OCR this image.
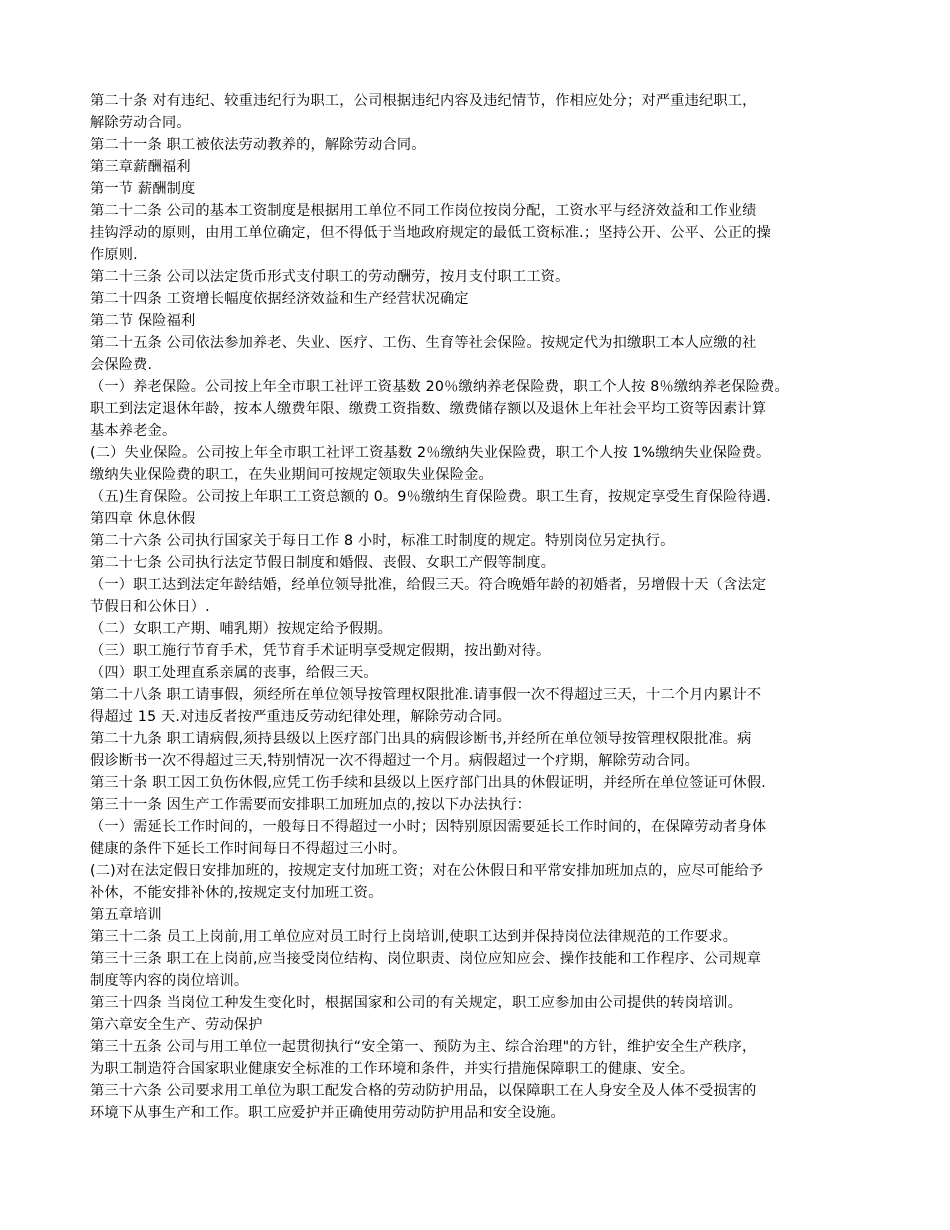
第二十条 对有违纪、较重违纪行为职工，公司根据违纪内容及违纪情节，作相应处分；对严重违纪职工，
解除劳动合同。
第二十一条 职工被依法劳动教养的，解除劳动合同。
第三章薪酬福利
第一节 薪酬制度
第二十二条 公司的基本工资制度是根据用工单位不同工作岗位按岗分配，工资水平与经济效益和工作业绩
挂钩浮动的原则，由用工单位确定，但不得低于当地政府规定的最低工资标准.；坚持公开、公平、公正的操
作原则.
第二十三条 公司以法定货币形式支付职工的劳动酬劳，按月支付职工工资。
第二十四条 工资增长幅度依据经济效益和生产经营状况确定
第二节 保险福利
第二十五条 公司依法参加养老、失业、医疗、工伤、生育等社会保险。按规定代为扣缴职工本人应缴的社
会保险费.
（一）养老保险。公司按上年全市职工社评工资基数 20％缴纳养老保险费，职工个人按 8％缴纳养老保险费。
职工到法定退休年龄，按本人缴费年限、缴费工资指数、缴费储存额以及退休上年社会平均工资等因素计算
基本养老金。
(二）失业保险。公司按上年全市职工社评工资基数 2％缴纳失业保险费，职工个人按 1%缴纳失业保险费。
缴纳失业保险费的职工，在失业期间可按规定领取失业保险金。
（五)生育保险。公司按上年职工工资总额的 0。9％缴纳生育保险费。职工生育，按规定享受生育保险待遇.
第四章 休息休假
第二十六条 公司执行国家关于每日工作 8 小时，标准工时制度的规定。特别岗位另定执行。
第二十七条 公司执行法定节假日制度和婚假、丧假、女职工产假等制度。
（一）职工达到法定年龄结婚，经单位领导批准，给假三天。符合晚婚年龄的初婚者，另增假十天（含法定
节假日和公休日）.
（二）女职工产期、哺乳期）按规定给予假期。
（三）职工施行节育手术，凭节育手术证明享受规定假期，按出勤对待。
（四）职工处理直系亲属的丧事，给假三天。
第二十八条 职工请事假，须经所在单位领导按管理权限批准.请事假一次不得超过三天，十二个月内累计不
得超过 15 天.对违反者按严重违反劳动纪律处理，解除劳动合同。
第二十九条 职工请病假,须持县级以上医疗部门出具的病假诊断书,并经所在单位领导按管理权限批准。病
假诊断书一次不得超过三天,特别情况一次不得超过一个月。病假超过一个疗期，解除劳动合同。
第三十条 职工因工负伤休假,应凭工伤手续和县级以上医疗部门出具的休假证明，并经所在单位签证可休假.
第三十一条 因生产工作需要而安排职工加班加点的,按以下办法执行：
（一）需延长工作时间的，一般每日不得超过一小时；因特别原因需要延长工作时间的，在保障劳动者身体
健康的条件下延长工作时间每日不得超过三小时。
(二)对在法定假日安排加班的，按规定支付加班工资；对在公休假日和平常安排加班加点的，应尽可能给予
补休，不能安排补休的,按规定支付加班工资。
第五章培训
第三十二条 员工上岗前,用工单位应对员工时行上岗培训,使职工达到并保持岗位法律规范的工作要求。
第三十三条 职工在上岗前,应当接受岗位结构、岗位职责、岗位应知应会、操作技能和工作程序、公司规章
制度等内容的岗位培训。
第三十四条 当岗位工种发生变化时，根据国家和公司的有关规定，职工应参加由公司提供的转岗培训。
第六章安全生产、劳动保护
第三十五条 公司与用工单位一起贯彻执行“安全第一、预防为主、综合治理"的方针，维护安全生产秩序，
为职工制造符合国家职业健康安全标准的工作环境和条件，并实行措施保障职工的健康、安全。
第三十六条 公司要求用工单位为职工配发合格的劳动防护用品，以保障职工在人身安全及人体不受损害的
环境下从事生产和工作。职工应爱护并正确使用劳动防护用品和安全设施。
